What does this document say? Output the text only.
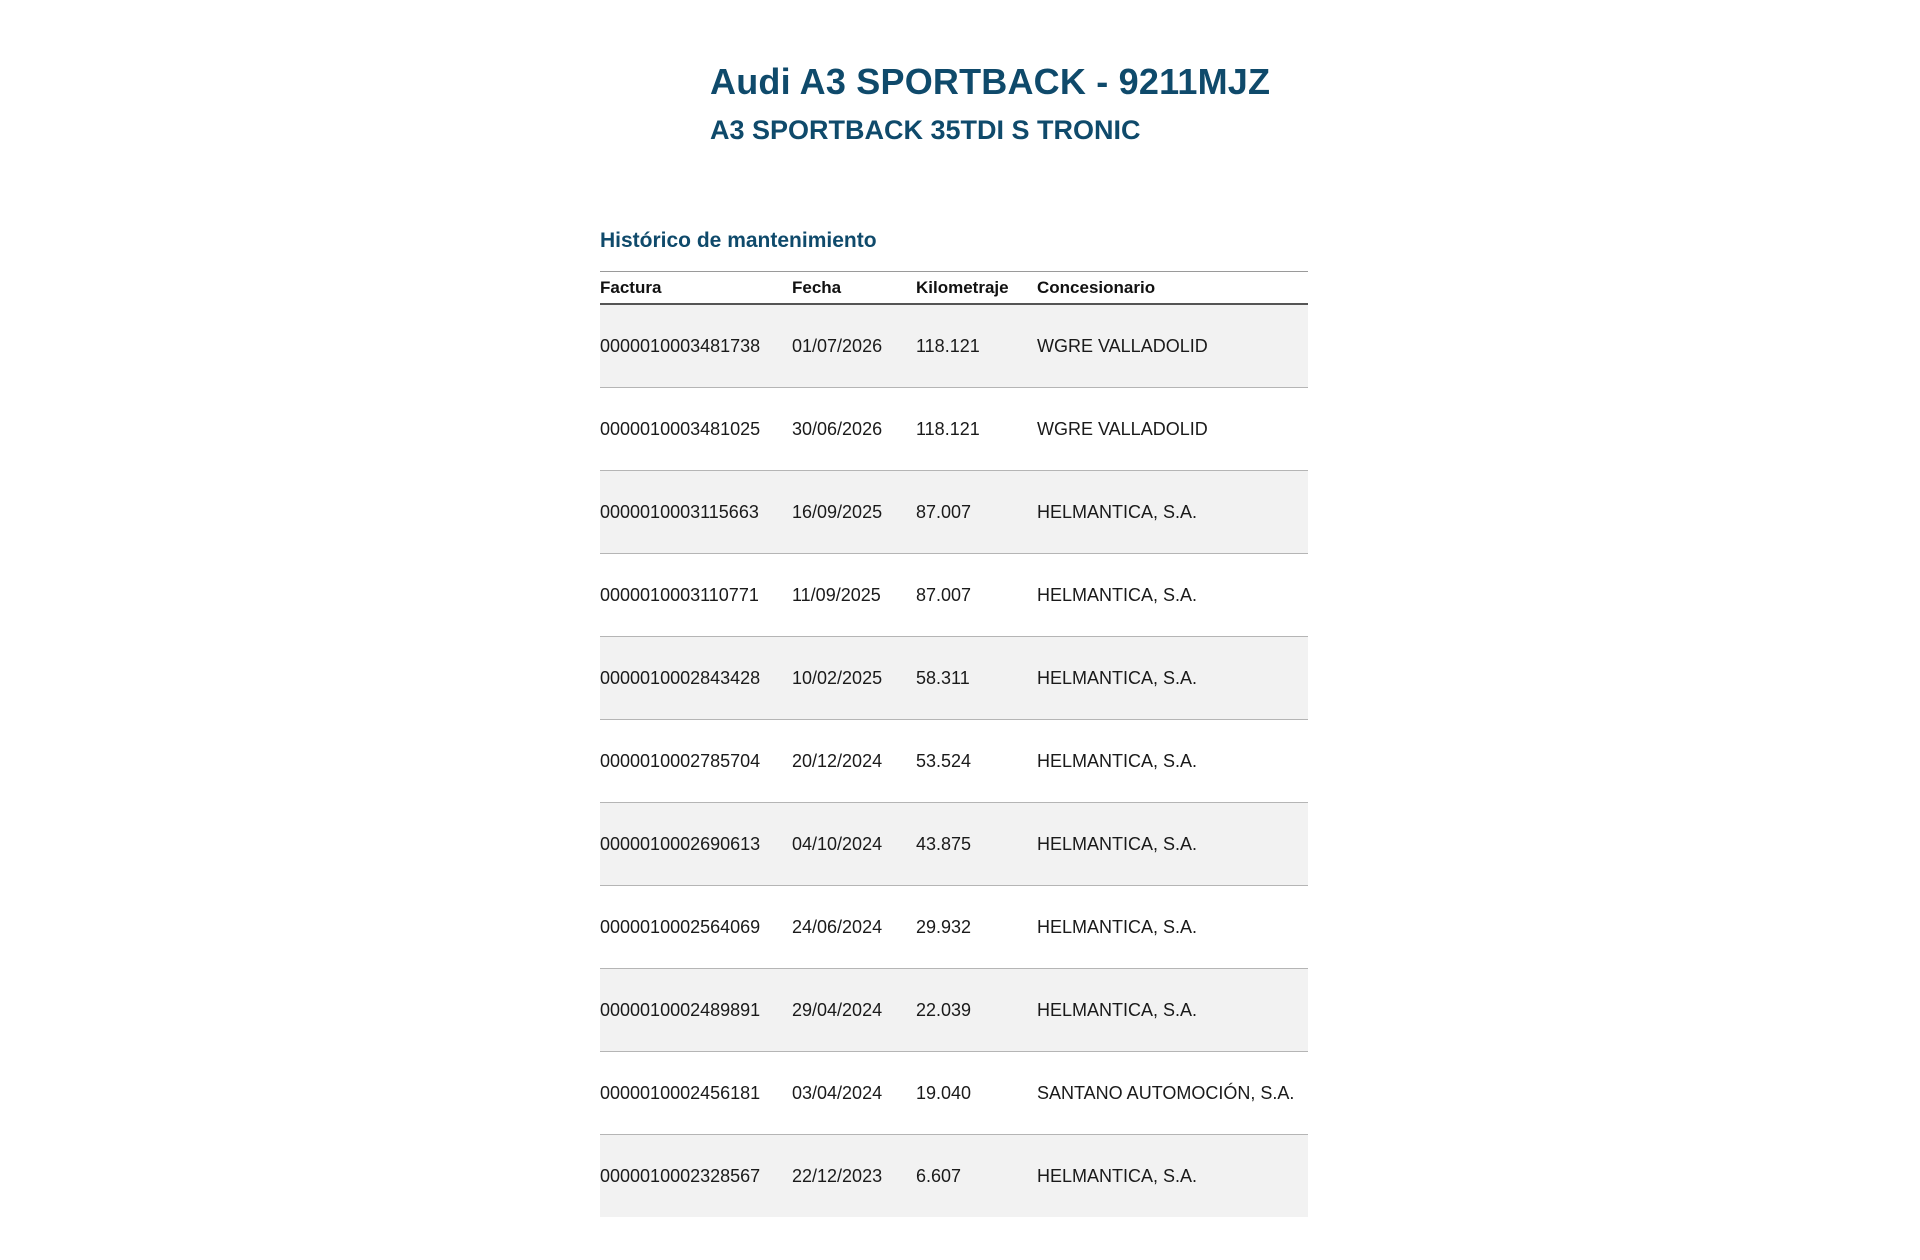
Audi A3 SPORTBACK - 9211MJZ
A3 SPORTBACK 35TDI S TRONIC
Histórico de mantenimiento
Factura	Fecha	Kilometraje	Concesionario
0000010003481738	01/07/2026	118.121	WGRE VALLADOLID
0000010003481025	30/06/2026	118.121	WGRE VALLADOLID
0000010003115663	16/09/2025	87.007	HELMANTICA, S.A.
0000010003110771	11/09/2025	87.007	HELMANTICA, S.A.
0000010002843428	10/02/2025	58.311	HELMANTICA, S.A.
0000010002785704	20/12/2024	53.524	HELMANTICA, S.A.
0000010002690613	04/10/2024	43.875	HELMANTICA, S.A.
0000010002564069	24/06/2024	29.932	HELMANTICA, S.A.
0000010002489891	29/04/2024	22.039	HELMANTICA, S.A.
0000010002456181	03/04/2024	19.040	SANTANO AUTOMOCIÓN, S.A.
0000010002328567	22/12/2023	6.607	HELMANTICA, S.A.
